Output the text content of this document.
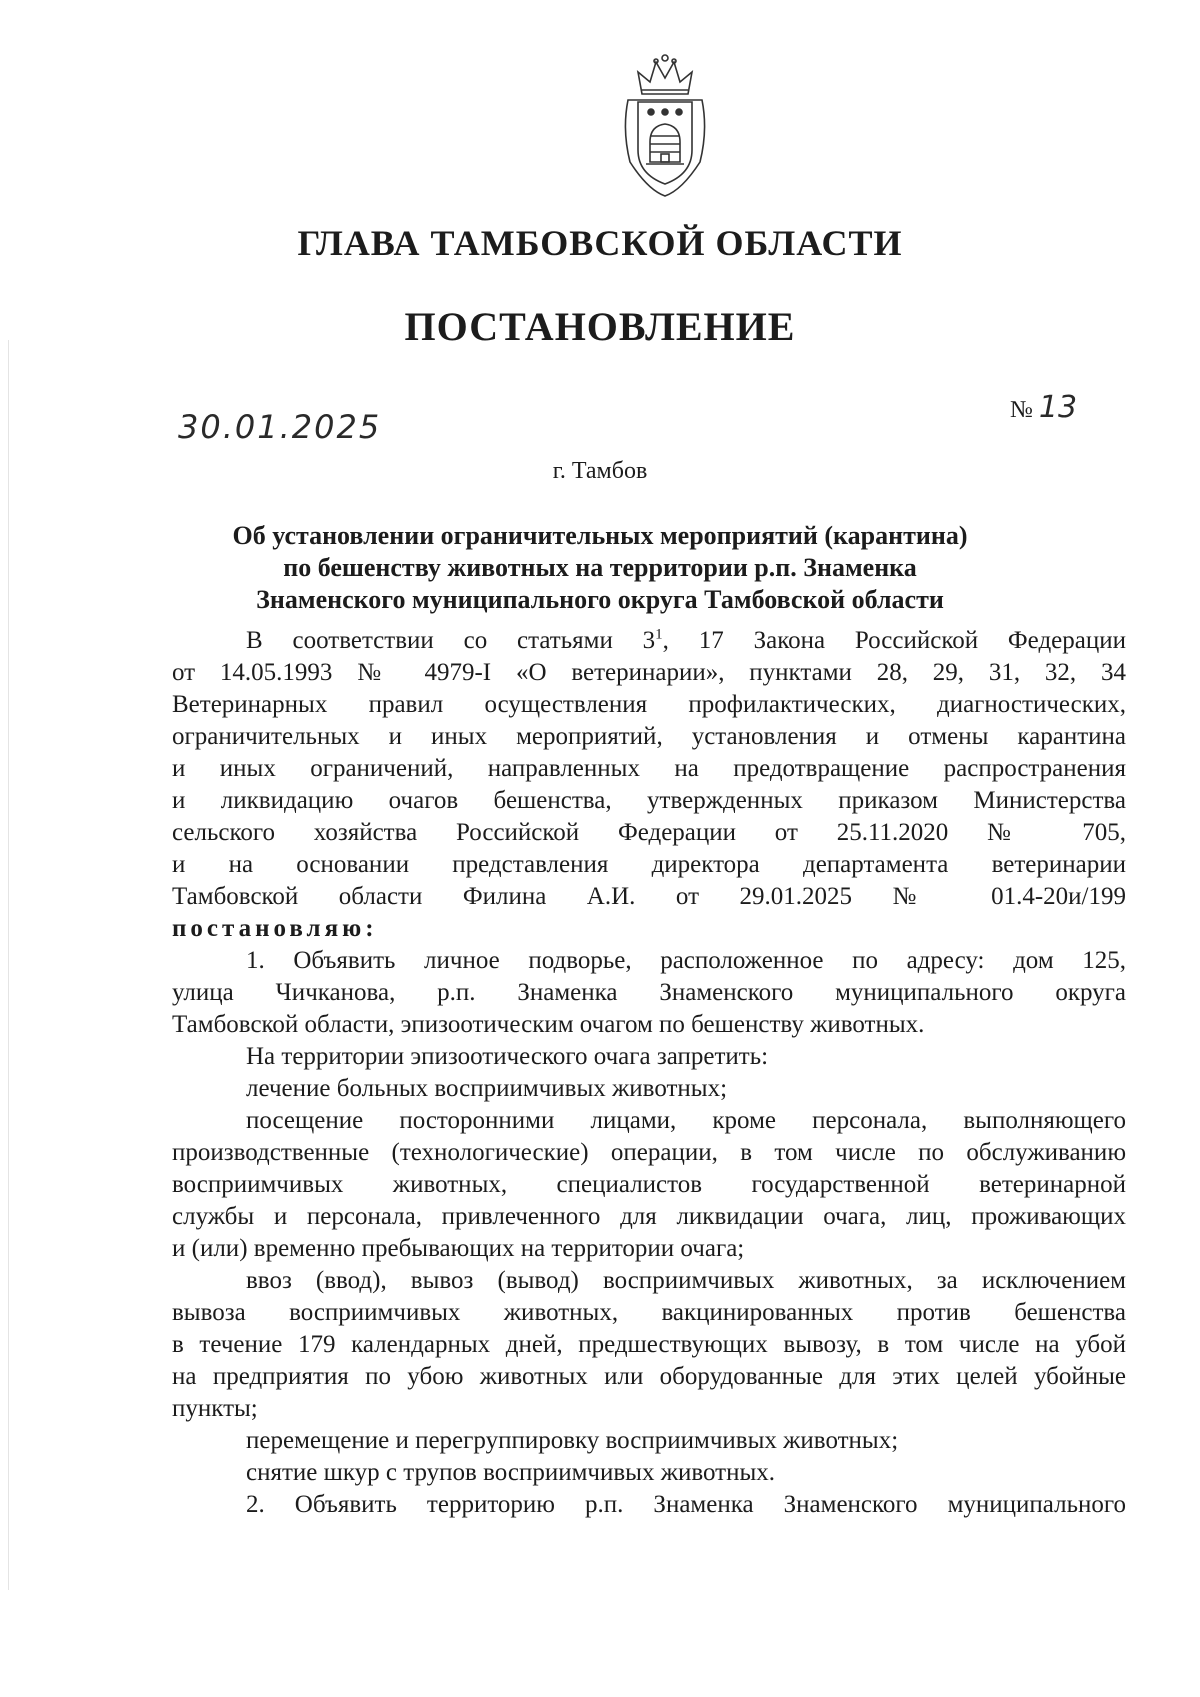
ГЛАВА ТАМБОВСКОЙ ОБЛАСТИ
ПОСТАНОВЛЕНИЕ
30.01.2025	№ 13
г. Тамбов
Об установлении ограничительных мероприятий (карантина)
по бешенству животных на территории р.п. Знаменка
Знаменского муниципального округа Тамбовской области

В соответствии со статьями $3^1$, 17 Закона Российской Федерации

от 14.05.1993 № 4979-I «О ветеринарии», пунктами 28, 29, 31, 32, 34

Ветеринарных правил осуществления профилактических, диагностических,

ограничительных и иных мероприятий, установления и отмены карантина

и иных ограничений, направленных на предотвращение распространения

и ликвидацию очагов бешенства, утвержденных приказом Министерства

сельского хозяйства Российской Федерации от 25.11.2020 № 705,

и на основании представления директора департамента ветеринарии

Тамбовской области Филина А.И. от 29.01.2025 № 01.4-20и/199

постановляю:

1. Объявить личное подворье, расположенное по адресу: дом 125,

улица Чичканова, р.п. Знаменка Знаменского муниципального округа

Тамбовской области, эпизоотическим очагом по бешенству животных.

На территории эпизоотического очага запретить:

лечение больных восприимчивых животных;

посещение посторонними лицами, кроме персонала, выполняющего

производственные (технологические) операции, в том числе по обслуживанию

восприимчивых животных, специалистов государственной ветеринарной

службы и персонала, привлеченного для ликвидации очага, лиц, проживающих

и (или) временно пребывающих на территории очага;

ввоз (ввод), вывоз (вывод) восприимчивых животных, за исключением

вывоза восприимчивых животных, вакцинированных против бешенства

в течение 179 календарных дней, предшествующих вывозу, в том числе на убой

на предприятия по убою животных или оборудованные для этих целей убойные

пункты;

перемещение и перегруппировку восприимчивых животных;

снятие шкур с трупов восприимчивых животных.

2. Объявить территорию р.п. Знаменка Знаменского муниципального
